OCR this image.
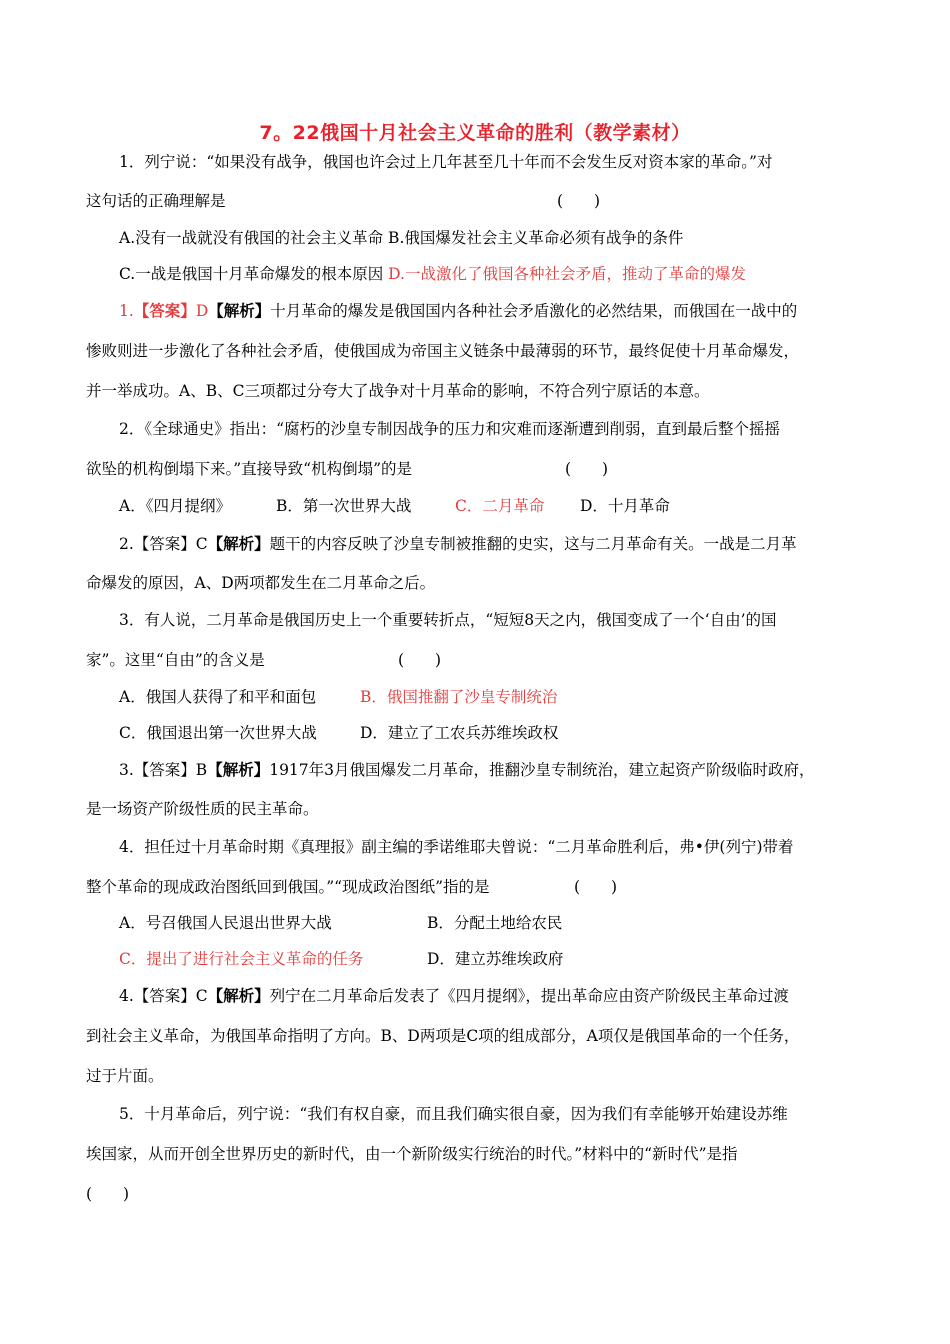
7。22俄国十月社会主义革命的胜利（教学素材）
1．列宁说：“如果没有战争，俄国也许会过上几年甚至几十年而不会发生反对资本家的革命。”对
这句话的正确理解是	(　　)
A.没有一战就没有俄国的社会主义革命 B.俄国爆发社会主义革命必须有战争的条件
C.一战是俄国十月革命爆发的根本原因 D.一战激化了俄国各种社会矛盾，推动了革命的爆发
1.【答案】D【解析】十月革命的爆发是俄国国内各种社会矛盾激化的必然结果，而俄国在一战中的
惨败则进一步激化了各种社会矛盾，使俄国成为帝国主义链条中最薄弱的环节，最终促使十月革命爆发，
并一举成功。A、B、C三项都过分夸大了战争对十月革命的影响，不符合列宁原话的本意。
2．《全球通史》指出：“腐朽的沙皇专制因战争的压力和灾难而逐渐遭到削弱，直到最后整个摇摇
欲坠的机构倒塌下来。”直接导致“机构倒塌”的是	(　　)
A．《四月提纲》	B．第一次世界大战	C．二月革命 D．十月革命
2.【答案】C【解析】题干的内容反映了沙皇专制被推翻的史实，这与二月革命有关。一战是二月革
命爆发的原因，A、D两项都发生在二月革命之后。
3．有人说，二月革命是俄国历史上一个重要转折点，“短短8天之内，俄国变成了一个‘自由’的国
家”。这里“自由”的含义是	(　　)
A．俄国人获得了和平和面包	B．俄国推翻了沙皇专制统治
C．俄国退出第一次世界大战	D．建立了工农兵苏维埃政权
3.【答案】B【解析】1917年3月俄国爆发二月革命，推翻沙皇专制统治，建立起资产阶级临时政府，
是一场资产阶级性质的民主革命。
4．担任过十月革命时期《真理报》副主编的季诺维耶夫曾说：“二月革命胜利后，弗•伊(列宁)带着
整个革命的现成政治图纸回到俄国。”“现成政治图纸”指的是	(　　)
A．号召俄国人民退出世界大战	B．分配土地给农民
C．提出了进行社会主义革命的任务	D．建立苏维埃政府
4.【答案】C【解析】列宁在二月革命后发表了《四月提纲》，提出革命应由资产阶级民主革命过渡
到社会主义革命，为俄国革命指明了方向。B、D两项是C项的组成部分，A项仅是俄国革命的一个任务，
过于片面。
5．十月革命后，列宁说：“我们有权自豪，而且我们确实很自豪，因为我们有幸能够开始建设苏维
埃国家，从而开创全世界历史的新时代，由一个新阶级实行统治的时代。”材料中的“新时代”是指
(　　)
